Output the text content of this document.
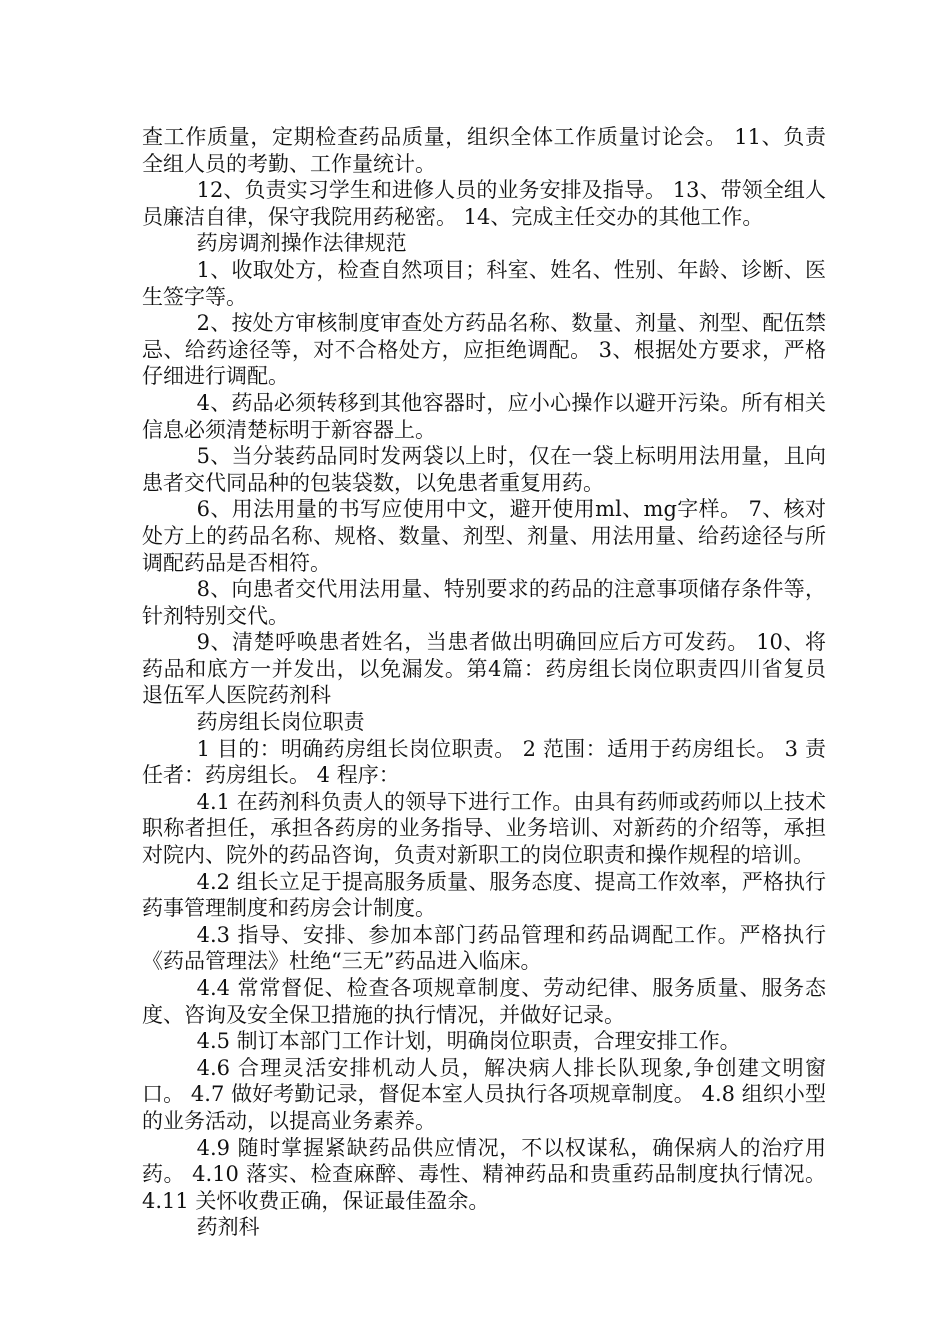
查工作质量，定期检查药品质量，组织全体工作质量讨论会。 11、负责全组人员的考勤、工作量统计。

12、负责实习学生和进修人员的业务安排及指导。 13、带领全组人员廉洁自律，保守我院用药秘密。 14、完成主任交办的其他工作。

药房调剂操作法律规范

1、收取处方，检查自然项目；科室、姓名、性别、年龄、诊断、医生签字等。

2、按处方审核制度审查处方药品名称、数量、剂量、剂型、配伍禁忌、给药途径等，对不合格处方，应拒绝调配。 3、根据处方要求，严格仔细进行调配。

4、药品必须转移到其他容器时，应小心操作以避开污染。所有相关信息必须清楚标明于新容器上。

5、当分装药品同时发两袋以上时，仅在一袋上标明用法用量，且向患者交代同品种的包装袋数，以免患者重复用药。

6、用法用量的书写应使用中文，避开使用ml、mg字样。 7、核对处方上的药品名称、规格、数量、剂型、剂量、用法用量、给药途径与所调配药品是否相符。

8、向患者交代用法用量、特别要求的药品的注意事项储存条件等，针剂特别交代。

9、清楚呼唤患者姓名，当患者做出明确回应后方可发药。 10、将药品和底方一并发出，以免漏发。第4篇：药房组长岗位职责四川省复员退伍军人医院药剂科

药房组长岗位职责

1 目的：明确药房组长岗位职责。 2 范围：适用于药房组长。 3 责任者：药房组长。 4 程序：

4.1 在药剂科负责人的领导下进行工作。由具有药师或药师以上技术职称者担任，承担各药房的业务指导、业务培训、对新药的介绍等，承担对院内、院外的药品咨询，负责对新职工的岗位职责和操作规程的培训。

4.2 组长立足于提高服务质量、服务态度、提高工作效率，严格执行药事管理制度和药房会计制度。

4.3 指导、安排、参加本部门药品管理和药品调配工作。严格执行《药品管理法》杜绝“三无”药品进入临床。

4.4 常常督促、检查各项规章制度、劳动纪律、服务质量、服务态度、咨询及安全保卫措施的执行情况，并做好记录。

4.5 制订本部门工作计划，明确岗位职责，合理安排工作。

4.6 合理灵活安排机动人员，解决病人排长队现象,争创建文明窗口。 4.7 做好考勤记录，督促本室人员执行各项规章制度。 4.8 组织小型的业务活动，以提高业务素养。

4.9 随时掌握紧缺药品供应情况，不以权谋私，确保病人的治疗用药。 4.10 落实、检查麻醉、毒性、精神药品和贵重药品制度执行情况。 4.11 关怀收费正确，保证最佳盈余。

药剂科
